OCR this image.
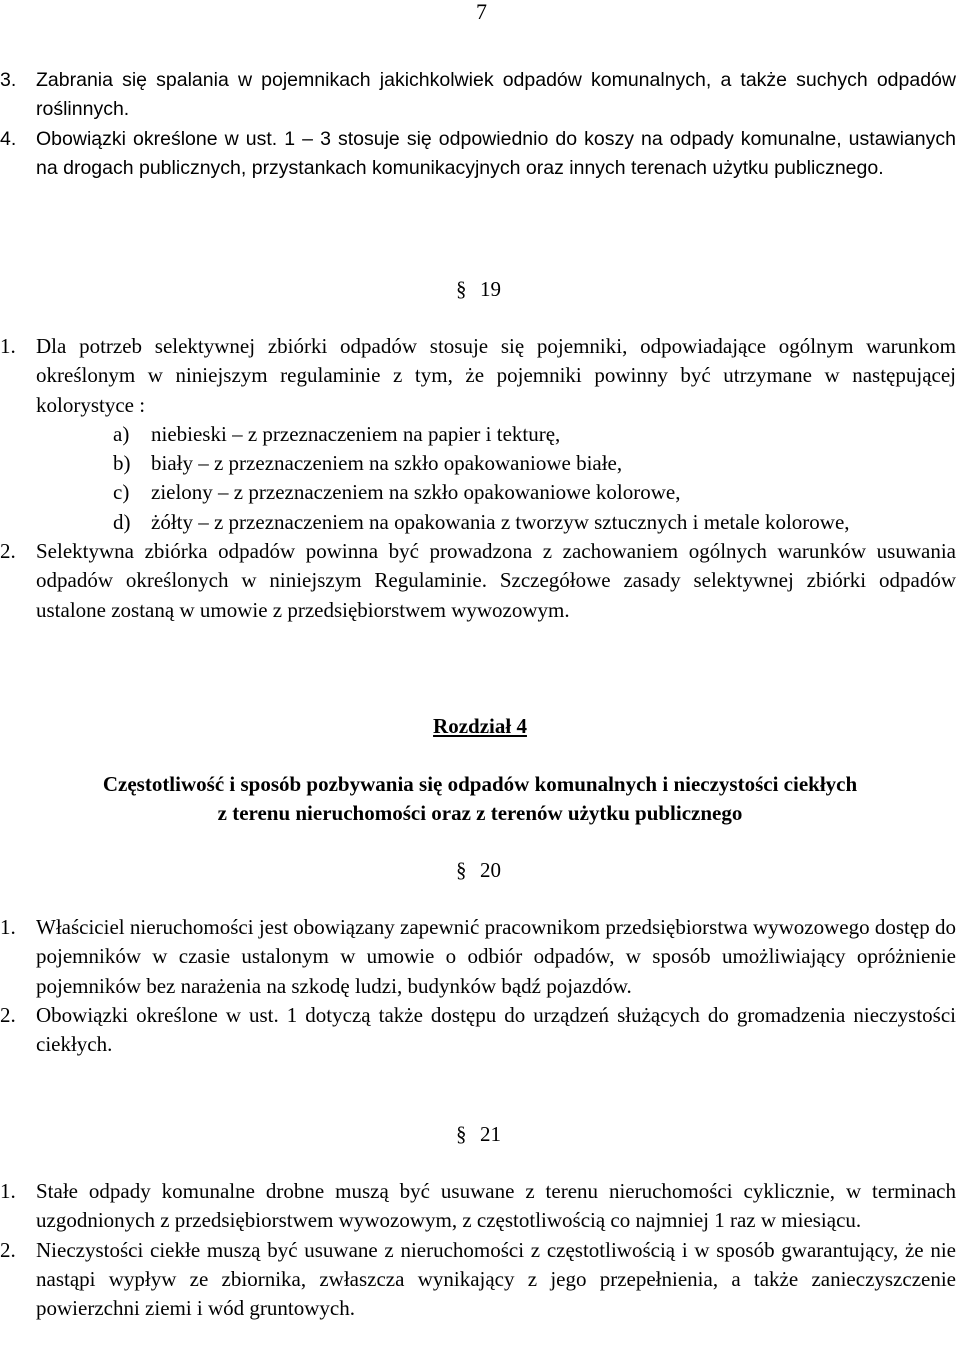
7
3. Zabrania się spalania w pojemnikach jakichkolwiek odpadów komunalnych, a także suchych odpadów roślinnych.
4. Obowiązki określone w ust. 1 – 3 stosuje się odpowiednio do koszy na odpady komunalne, ustawianych na drogach publicznych, przystankach komunikacyjnych oraz innych terenach użytku publicznego.
§ 19
1. Dla potrzeb selektywnej zbiórki odpadów stosuje się pojemniki, odpowiadające ogólnym warunkom określonym w niniejszym regulaminie z tym, że pojemniki powinny być utrzymane w następującej kolorystyce :
a) niebieski – z przeznaczeniem na papier i tekturę,
b) biały – z przeznaczeniem na szkło opakowaniowe białe,
c) zielony – z przeznaczeniem na szkło opakowaniowe kolorowe,
d) żółty – z przeznaczeniem na opakowania z tworzyw sztucznych i metale kolorowe,
2. Selektywna zbiórka odpadów powinna być prowadzona z zachowaniem ogólnych warunków usuwania odpadów określonych w niniejszym Regulaminie. Szczegółowe zasady selektywnej zbiórki odpadów ustalone zostaną w umowie z przedsiębiorstwem wywozowym.
Rozdział 4
Częstotliwość i sposób pozbywania się odpadów komunalnych i nieczystości ciekłych
z terenu nieruchomości oraz z terenów użytku publicznego
§ 20
1. Właściciel nieruchomości jest obowiązany zapewnić pracownikom przedsiębiorstwa wywozowego dostęp do pojemników w czasie ustalonym w umowie o odbiór odpadów, w sposób umożliwiający opróżnienie pojemników bez narażenia na szkodę ludzi, budynków bądź pojazdów.
2. Obowiązki określone w ust. 1 dotyczą także dostępu do urządzeń służących do gromadzenia nieczystości ciekłych.
§ 21
1. Stałe odpady komunalne drobne muszą być usuwane z terenu nieruchomości cyklicznie, w terminach uzgodnionych z przedsiębiorstwem wywozowym, z częstotliwością co najmniej 1 raz w miesiącu.
2. Nieczystości ciekłe muszą być usuwane z nieruchomości z częstotliwością i w sposób gwarantujący, że nie nastąpi wypływ ze zbiornika, zwłaszcza wynikający z jego przepełnienia, a także zanieczyszczenie powierzchni ziemi i wód gruntowych.
